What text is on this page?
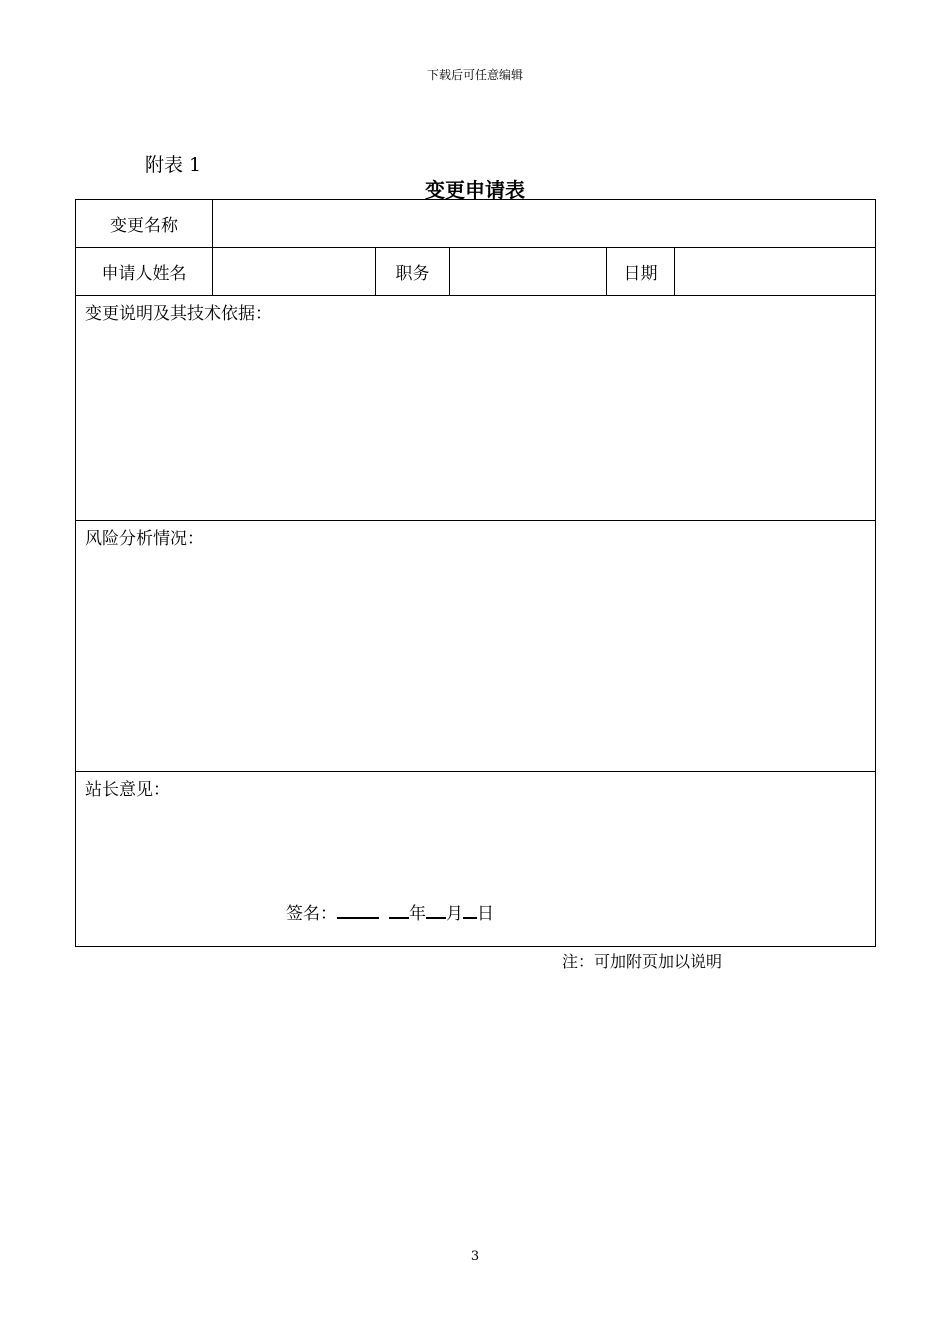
下载后可任意编辑
附表 1
变更申请表
变更名称					
申请人姓名		职务		日期	
变更说明及其技术依据：					
风险分析情况：					
站长意见：
签名： 年 月 日					
注：可加附页加以说明
3
